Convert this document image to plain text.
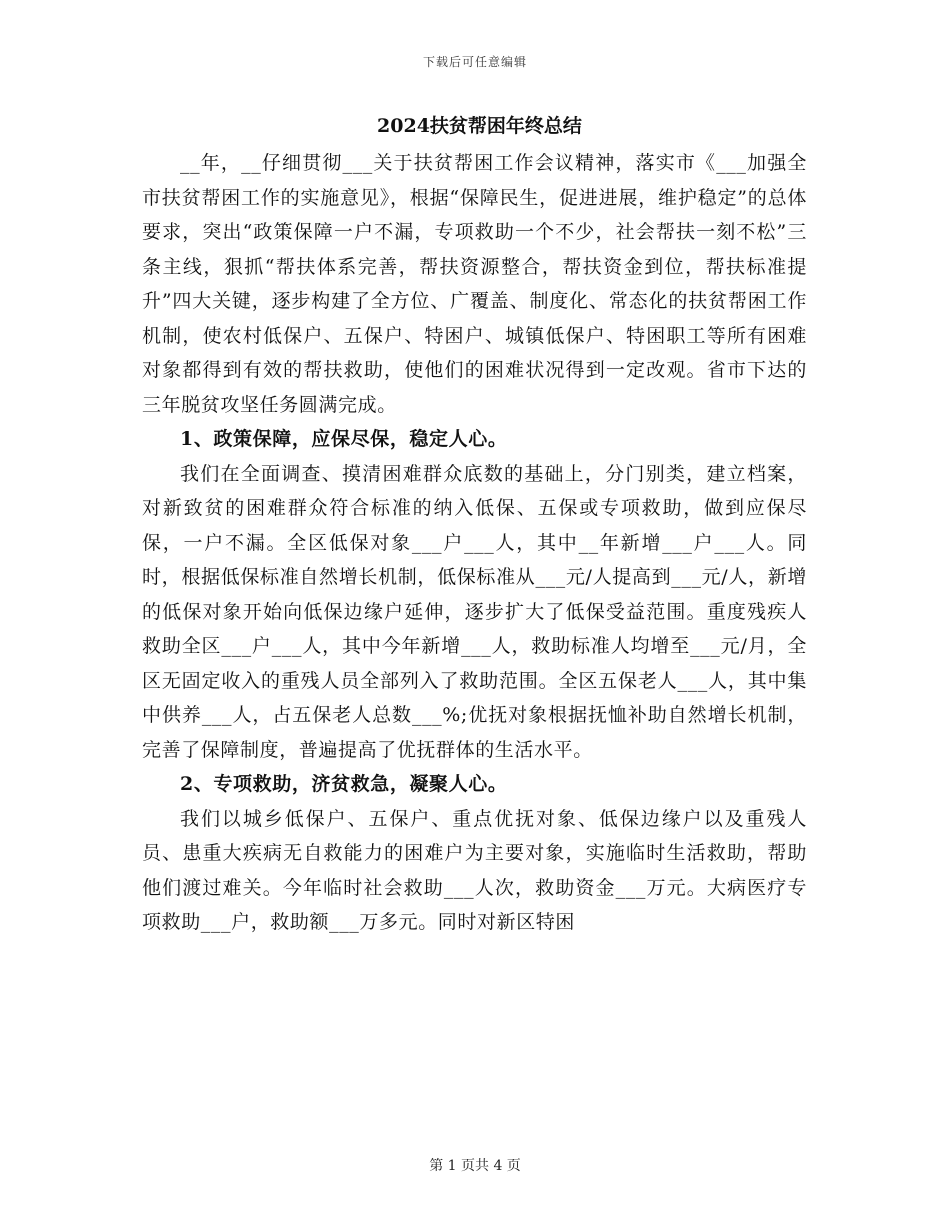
下载后可任意编辑
2024扶贫帮困年终总结

__年，__仔细贯彻___关于扶贫帮困工作会议精神，落实市《___加强全市扶贫帮困工作的实施意见》，根据“保障民生，促进进展，维护稳定”的总体要求，突出“政策保障一户不漏，专项救助一个不少，社会帮扶一刻不松”三条主线，狠抓“帮扶体系完善，帮扶资源整合，帮扶资金到位，帮扶标准提升”四大关键，逐步构建了全方位、广覆盖、制度化、常态化的扶贫帮困工作机制，使农村低保户、五保户、特困户、城镇低保户、特困职工等所有困难对象都得到有效的帮扶救助，使他们的困难状况得到一定改观。省市下达的三年脱贫攻坚任务圆满完成。

1、政策保障，应保尽保，稳定人心。

我们在全面调查、摸清困难群众底数的基础上，分门别类，建立档案，对新致贫的困难群众符合标准的纳入低保、五保或专项救助，做到应保尽保，一户不漏。全区低保对象___户___人，其中__年新增___户___人。同时，根据低保标准自然增长机制，低保标准从___元/人提高到___元/人，新增的低保对象开始向低保边缘户延伸，逐步扩大了低保受益范围。重度残疾人救助全区___户___人，其中今年新增___人，救助标准人均增至___元/月，全区无固定收入的重残人员全部列入了救助范围。全区五保老人___人，其中集中供养___人，占五保老人总数___%;优抚对象根据抚恤补助自然增长机制，完善了保障制度，普遍提高了优抚群体的生活水平。

2、专项救助，济贫救急，凝聚人心。

我们以城乡低保户、五保户、重点优抚对象、低保边缘户以及重残人员、患重大疾病无自救能力的困难户为主要对象，实施临时生活救助，帮助他们渡过难关。今年临时社会救助___人次，救助资金___万元。大病医疗专项救助___户，救助额___万多元。同时对新区特困

第 1 页共 4 页
